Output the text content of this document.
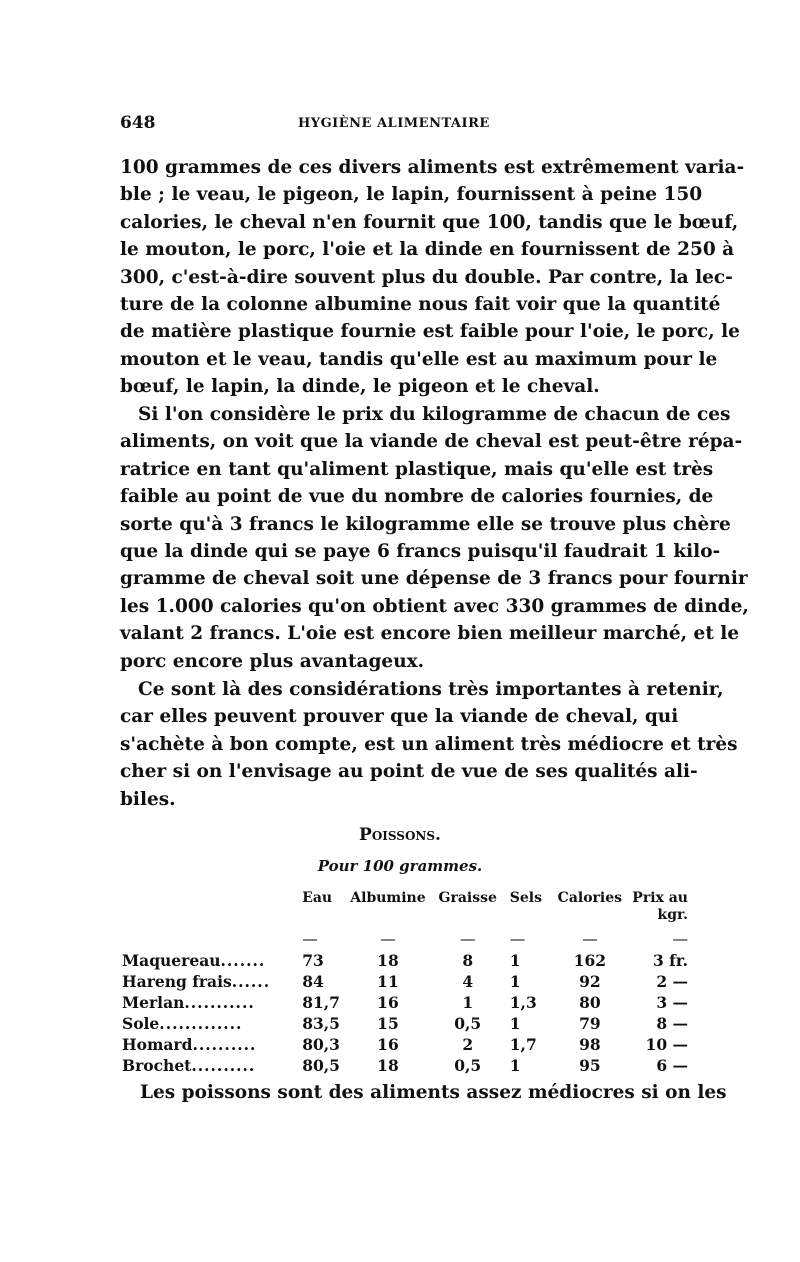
648	HYGIÈNE ALIMENTAIRE
100 grammes de ces divers aliments est extrêmement varia-
ble ; le veau, le pigeon, le lapin, fournissent à peine 150
calories, le cheval n'en fournit que 100, tandis que le bœuf,
le mouton, le porc, l'oie et la dinde en fournissent de 250 à
300, c'est-à-dire souvent plus du double. Par contre, la lec-
ture de la colonne albumine nous fait voir que la quantité
de matière plastique fournie est faible pour l'oie, le porc, le
mouton et le veau, tandis qu'elle est au maximum pour le
bœuf, le lapin, la dinde, le pigeon et le cheval.
Si l'on considère le prix du kilogramme de chacun de ces
aliments, on voit que la viande de cheval est peut-être répa-
ratrice en tant qu'aliment plastique, mais qu'elle est très
faible au point de vue du nombre de calories fournies, de
sorte qu'à 3 francs le kilogramme elle se trouve plus chère
que la dinde qui se paye 6 francs puisqu'il faudrait 1 kilo-
gramme de cheval soit une dépense de 3 francs pour fournir
les 1.000 calories qu'on obtient avec 330 grammes de dinde,
valant 2 francs. L'oie est encore bien meilleur marché, et le
porc encore plus avantageux.
Ce sont là des considérations très importantes à retenir,
car elles peuvent prouver que la viande de cheval, qui
s'achète à bon compte, est un aliment très médiocre et très
cher si on l'envisage au point de vue de ses qualités ali-
biles.
Poissons.
Pour 100 grammes.
	Eau	Albumine	Graisse	Sels	Calories	Prix au kgr.
	—	—	—	—	—	—
Maquereau.......	73	18	8	1	162	3 fr.
Hareng frais......	84	11	4	1	92	2 —
Merlan...........	81,7	16	1	1,3	80	3 —
Sole.............	83,5	15	0,5	1	79	8 —
Homard..........	80,3	16	2	1,7	98	10 —
Brochet..........	80,5	18	0,5	1	95	6 —
Les poissons sont des aliments assez médiocres si on les
